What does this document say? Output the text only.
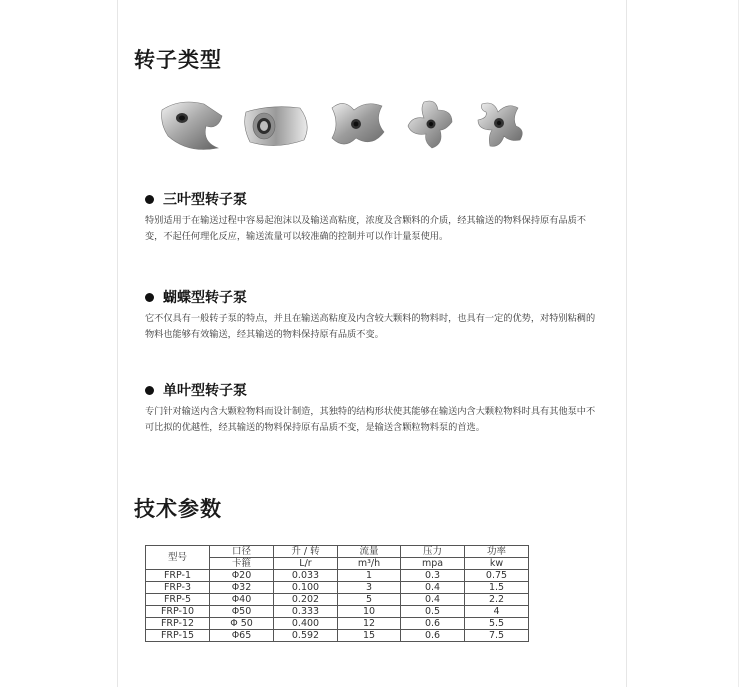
转子类型

三叶型转子泵

特别适用于在输送过程中容易起泡沫以及输送高粘度，浓度及含颗料的介质，经其输送的物料保持原有品质不变，不起任何理化反应，输送流量可以较准确的控制并可以作计量泵使用。

蝴蝶型转子泵

它不仅具有一般转子泵的特点，并且在输送高粘度及内含较大颗料的物料时，也具有一定的优势，对特别粘稠的物料也能够有效输送，经其输送的物料保持原有品质不变。

单叶型转子泵

专门针对输送内含大颗粒物料而设计制造，其独特的结构形状使其能够在输送内含大颗粒物料时具有其他泵中不可比拟的优越性，经其输送的物料保持原有品质不变，是输送含颗粒物料泵的首选。

技术参数
型号	口径	升 / 转	流量	压力	功率
	卡箍	L/r	m³/h	mpa	kw
FRP-1	Φ20	0.033	1	0.3	0.75
FRP-3	Φ32	0.100	3	0.4	1.5
FRP-5	Φ40	0.202	5	0.4	2.2
FRP-10	Φ50	0.333	10	0.5	4
FRP-12	Φ 50	0.400	12	0.6	5.5
FRP-15	Φ65	0.592	15	0.6	7.5
